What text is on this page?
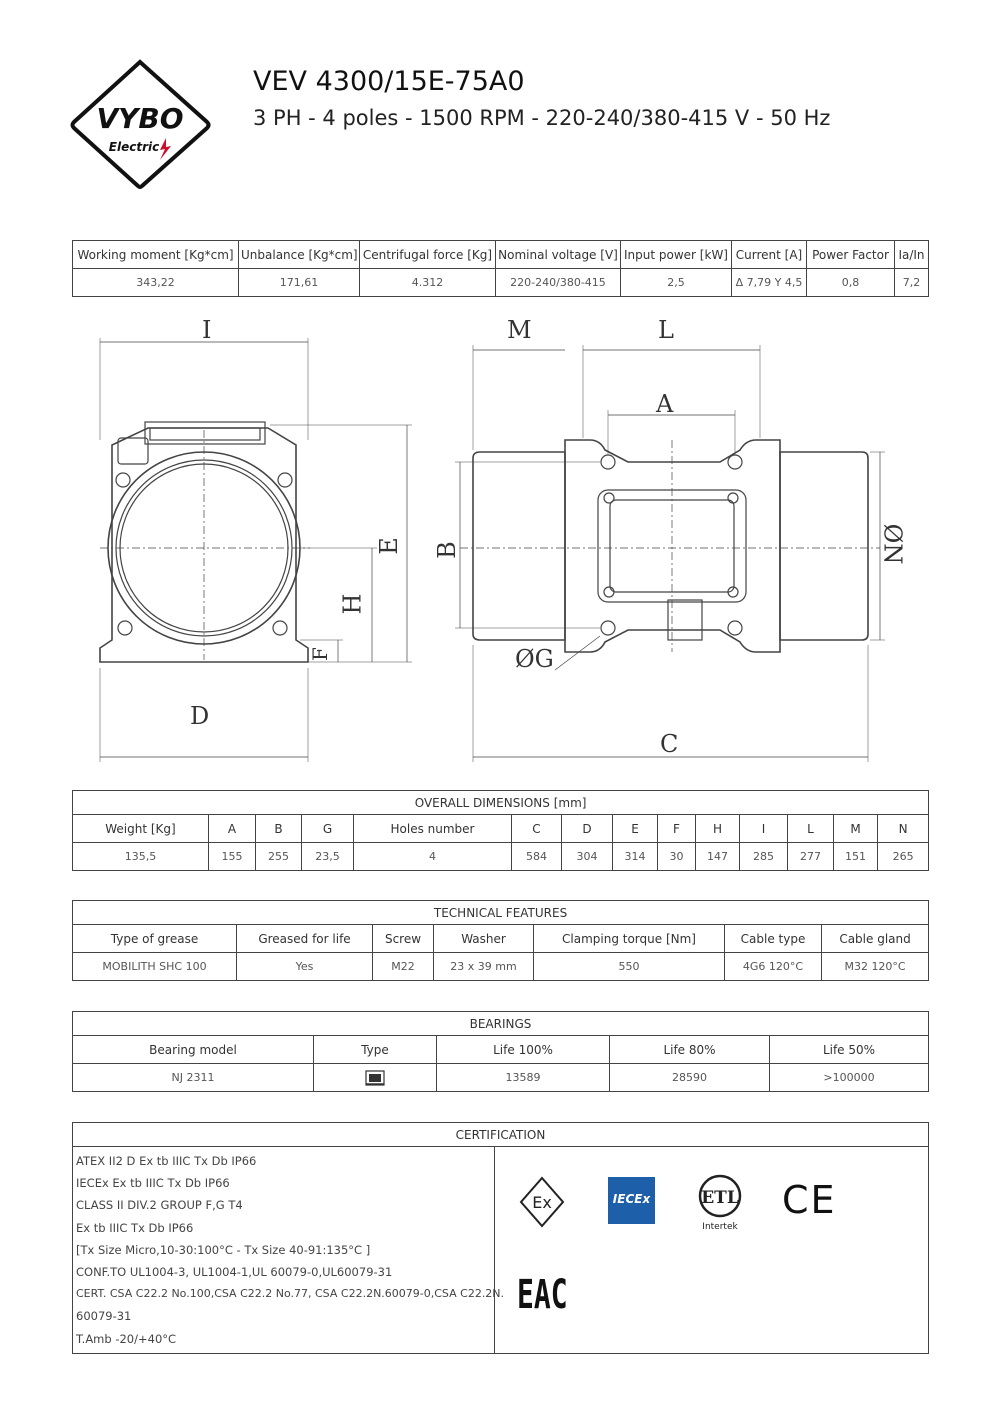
VYBO
Electric
VEV 4300/15E-75A0
3 PH - 4 poles - 1500 RPM - 220-240/380-415 V - 50 Hz
Working moment [Kg*cm]	Unbalance [Kg*cm]	Centrifugal force [Kg]	Nominal voltage [V]	Input power [kW]	Current [A]	Power Factor	Ia/In
343,22	171,61	4.312	220-240/380-415	2,5	Δ 7,79 Y 4,5	0,8	7,2
I
D
E
H
F
M	L
A
B	ØN
ØG
C
OVERALL DIMENSIONS [mm]													
Weight [Kg]	A	B	G	Holes number	C	D	E	F	H	I	L	M	N
135,5	155	255	23,5	4	584	304	314	30	147	285	277	151	265
TECHNICAL FEATURES						
Type of grease	Greased for life	Screw	Washer	Clamping torque [Nm]	Cable type	Cable gland
MOBILITH SHC 100	Yes	M22	23 x 39 mm	550	4G6 120°C	M32 120°C
BEARINGS				
Bearing model	Type	Life 100%	Life 80%	Life 50%
NJ 2311		13589	28590	>100000
CERTIFICATION

ATEX II2 D Ex tb IIIC Tx Db IP66
IECEx Ex tb IIIC Tx Db IP66
CLASS II DIV.2 GROUP F,G T4
Ex tb IIIC Tx Db IP66
[Tx Size Micro,10-30:100°C - Tx Size 40-91:135°C ]
CONF.TO UL1004-3, UL1004-1,UL 60079-0,UL60079-31
CERT. CSA C22.2 No.100,CSA C22.2 No.77, CSA C22.2N.60079-0,CSA C22.2N.
60079-31
T.Amb -20/+40°C
Ex	IECEx	ETL
Intertek
CE
EAC
